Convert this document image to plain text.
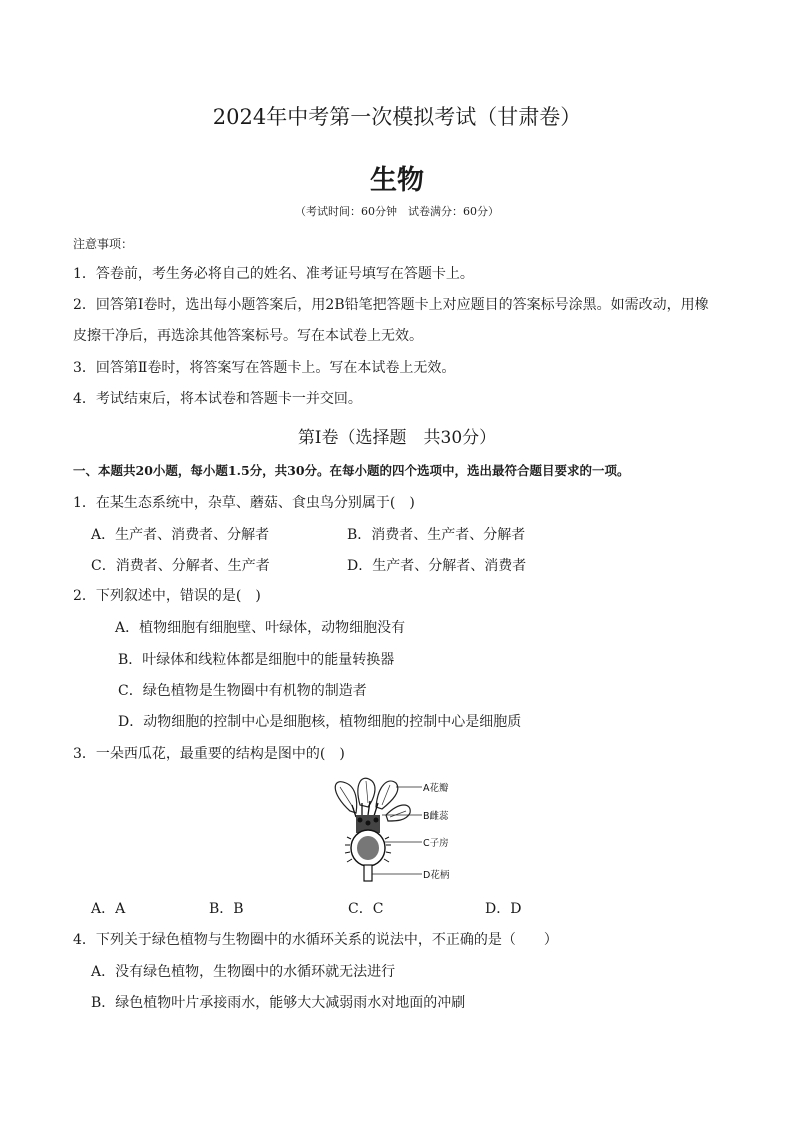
2024年中考第一次模拟考试（甘肃卷）
生物
（考试时间：60分钟　试卷满分：60分）
注意事项：
1．答卷前，考生务必将自己的姓名、准考证号填写在答题卡上。
2．回答第Ⅰ卷时，选出每小题答案后，用2B铅笔把答题卡上对应题目的答案标号涂黑。如需改动，用橡
皮擦干净后，再选涂其他答案标号。写在本试卷上无效。
3．回答第Ⅱ卷时，将答案写在答题卡上。写在本试卷上无效。
4．考试结束后，将本试卷和答题卡一并交回。
第Ⅰ卷（选择题　共30分）
一、本题共20小题，每小题1.5分，共30分。在每小题的四个选项中，选出最符合题目要求的一项。
1．在某生态系统中，杂草、蘑菇、食虫鸟分别属于(　)
A．生产者、消费者、分解者	B．消费者、生产者、分解者
C．消费者、分解者、生产者	D．生产者、分解者、消费者
2．下列叙述中，错误的是(　)
A．植物细胞有细胞壁、叶绿体，动物细胞没有
B．叶绿体和线粒体都是细胞中的能量转换器
C．绿色植物是生物圈中有机物的制造者
D．动物细胞的控制中心是细胞核，植物细胞的控制中心是细胞质
3．一朵西瓜花，最重要的结构是图中的(　)
A花瓣
B雌蕊
C子房
D花柄
A．A	B．B	C．C	D．D
4．下列关于绿色植物与生物圈中的水循环关系的说法中，不正确的是（　　）
A．没有绿色植物，生物圈中的水循环就无法进行
B．绿色植物叶片承接雨水，能够大大减弱雨水对地面的冲刷
